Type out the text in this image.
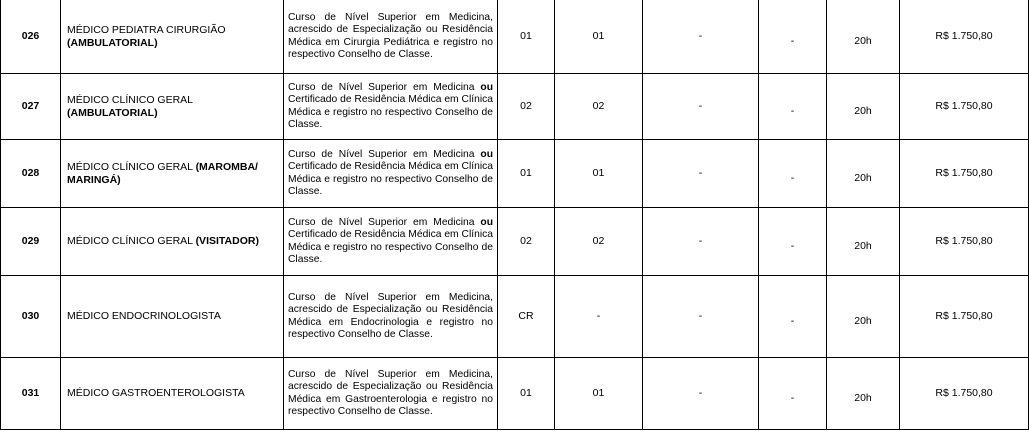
026	MÉDICO PEDIATRA CIRURGIÃO (AMBULATORIAL)	Curso de Nível Superior em Medicina, acrescido de Especialização ou Residência Médica em Cirurgia Pediátrica e registro no respectivo Conselho de Classe.	01	01	-	-	20h	R$ 1.750,80
027	MÉDICO CLÍNICO GERAL (AMBULATORIAL)	Curso de Nível Superior em Medicina ou Certificado de Residência Médica em Clínica Médica e registro no respectivo Conselho de Classe.	02	02	-	-	20h	R$ 1.750,80
028	MÉDICO CLÍNICO GERAL (MAROMBA/ MARINGÁ)	Curso de Nível Superior em Medicina ou Certificado de Residência Médica em Clínica Médica e registro no respectivo Conselho de Classe.	01	01	-	-	20h	R$ 1.750,80
029	MÉDICO CLÍNICO GERAL (VISITADOR)	Curso de Nível Superior em Medicina ou Certificado de Residência Médica em Clínica Médica e registro no respectivo Conselho de Classe.	02	02	-	-	20h	R$ 1.750,80
030	MÉDICO ENDOCRINOLOGISTA	Curso de Nível Superior em Medicina, acrescido de Especialização ou Residência Médica em Endocrinologia e registro no respectivo Conselho de Classe.	CR	-	-	-	20h	R$ 1.750,80
031	MÉDICO GASTROENTEROLOGISTA	Curso de Nível Superior em Medicina, acrescido de Especialização ou Residência Médica em Gastroenterologia e registro no respectivo Conselho de Classe.	01	01	-	-	20h	R$ 1.750,80
